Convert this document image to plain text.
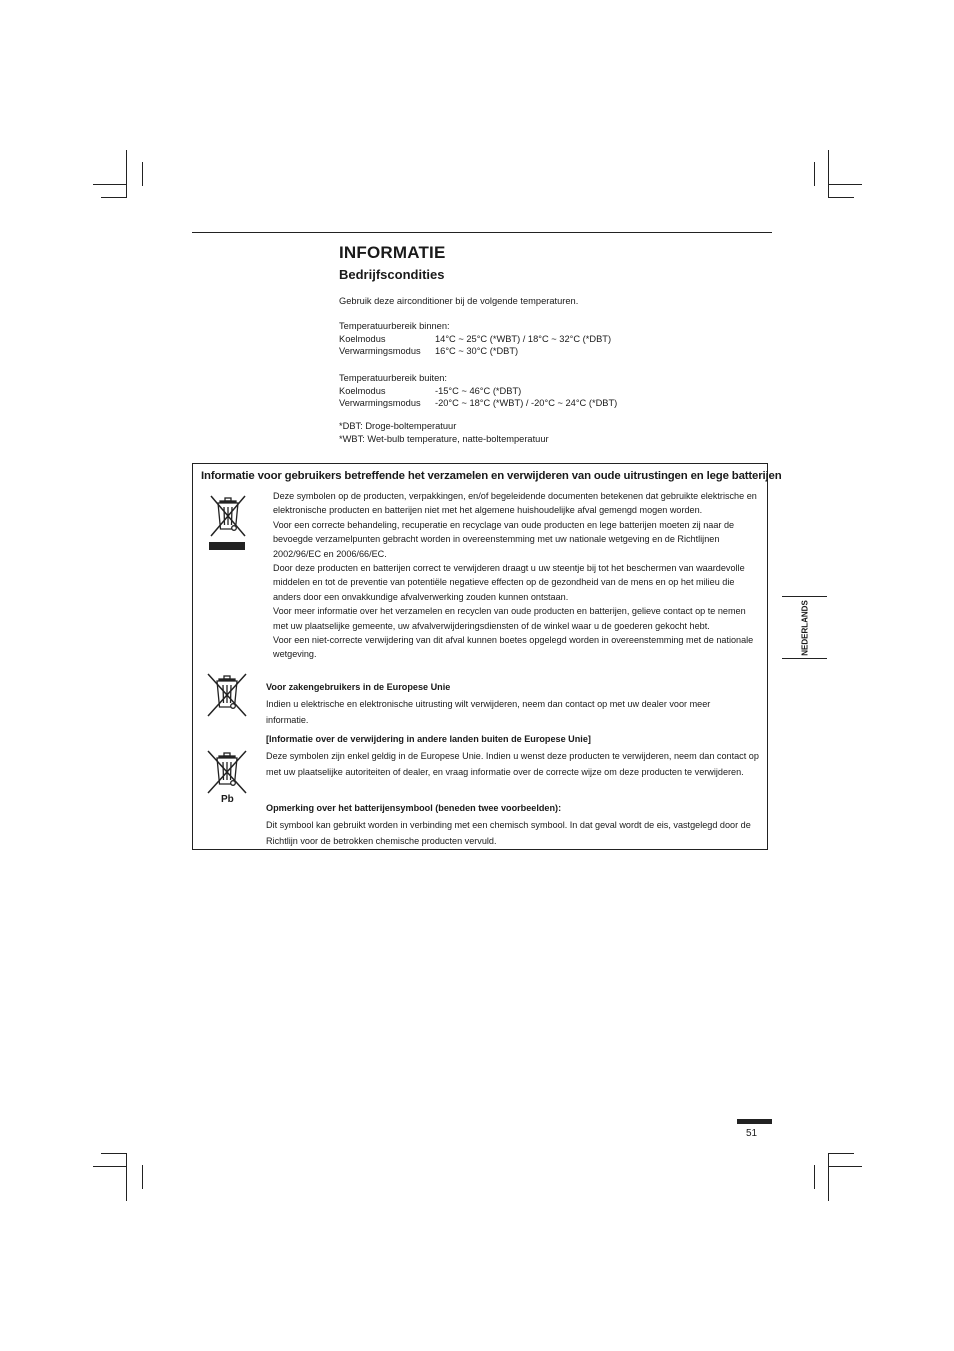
INFORMATIE
Bedrijfscondities
Gebruik deze airconditioner bij de volgende temperaturen.
Temperatuurbereik binnen:
Koelmodus	14°C ~ 25°C (*WBT) / 18°C ~ 32°C (*DBT)
Verwarmingsmodus	16°C ~ 30°C (*DBT)
Temperatuurbereik buiten:
Koelmodus	-15°C ~ 46°C (*DBT)
Verwarmingsmodus	-20°C ~ 18°C (*WBT) / -20°C ~ 24°C (*DBT)
*DBT: Droge-boltemperatuur
*WBT: Wet-bulb temperature, natte-boltemperatuur
Informatie voor gebruikers betreffende het verzamelen en verwijderen van oude uitrustingen en lege batterijen
Deze symbolen op de producten, verpakkingen, en/of begeleidende documenten betekenen dat gebruikte elektrische en elektronische producten en batterijen niet met het algemene huishoudelijke afval gemengd mogen worden.
Voor een correcte behandeling, recuperatie en recyclage van oude producten en lege batterijen moeten zij naar de bevoegde verzamelpunten gebracht worden in overeenstemming met uw nationale wetgeving en de Richtlijnen 2002/96/EC en 2006/66/EC.
Door deze producten en batterijen correct te verwijderen draagt u uw steentje bij tot het beschermen van waardevolle middelen en tot de preventie van potentiële negatieve effecten op de gezondheid van de mens en op het milieu die anders door een onvakkundige afvalverwerking zouden kunnen ontstaan.
Voor meer informatie over het verzamelen en recyclen van oude producten en batterijen, gelieve contact op te nemen met uw plaatselijke gemeente, uw afvalverwijderingsdiensten of de winkel waar u de goederen gekocht hebt.
Voor een niet-correcte verwijdering van dit afval kunnen boetes opgelegd worden in overeenstemming met de nationale wetgeving.
Pb
Voor zakengebruikers in de Europese Unie
Indien u elektrische en elektronische uitrusting wilt verwijderen, neem dan contact op met uw dealer voor meer informatie.
[Informatie over de verwijdering in andere landen buiten de Europese Unie]
Deze symbolen zijn enkel geldig in de Europese Unie. Indien u wenst deze producten te verwijderen, neem dan contact op met uw plaatselijke autoriteiten of dealer, en vraag informatie over de correcte wijze om deze producten te verwijderen.
Opmerking over het batterijensymbool (beneden twee voorbeelden):
Dit symbool kan gebruikt worden in verbinding met een chemisch symbool. In dat geval wordt de eis, vastgelegd door de Richtlijn voor de betrokken chemische producten vervuld.
NEDERLANDS
51
